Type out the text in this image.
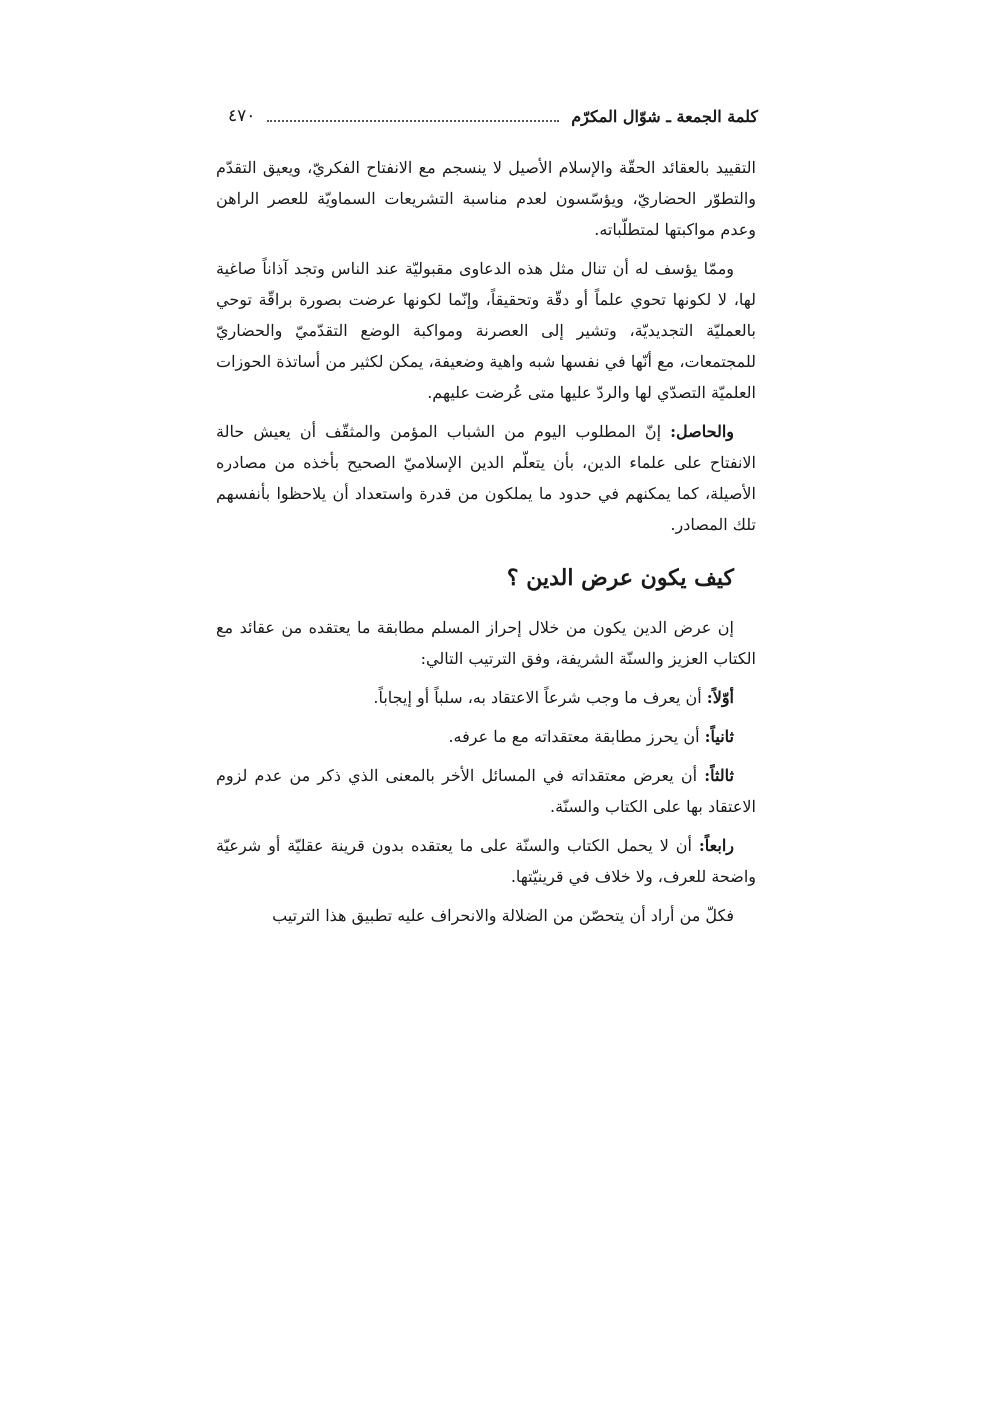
كلمة الجمعة ـ شوّال المكرّم
٤٧٠

التقييد بالعقائد الحقّة والإسلام الأصيل لا ينسجم مع الانفتاح الفكريّ، ويعيق التقدّم والتطوّر الحضاريّ، ويؤسّسون لعدم مناسبة التشريعات السماويّة للعصر الراهن وعدم مواكبتها لمتطلّباته.

وممّا يؤسف له أن تنال مثل هذه الدعاوى مقبوليّة عند الناس وتجد آذاناً صاغية لها، لا لكونها تحوي علماً أو دقّة وتحقيقاً، وإنّما لكونها عرضت بصورة براقّة توحي بالعمليّة التجديديّة، وتشير إلى العصرنة ومواكبة الوضع التقدّميّ والحضاريّ للمجتمعات، مع أنّها في نفسها شبه واهية وضعيفة، يمكن لكثير من أساتذة الحوزات العلميّة التصدّي لها والردّ عليها متى عُرضت عليهم.

والحاصل: إنّ المطلوب اليوم من الشباب المؤمن والمثقّف أن يعيش حالة الانفتاح على علماء الدين، بأن يتعلّم الدين الإسلاميّ الصحيح بأخذه من مصادره الأصيلة، كما يمكنهم في حدود ما يملكون من قدرة واستعداد أن يلاحظوا بأنفسهم تلك المصادر.

كيف يكون عرض الدين ؟

إن عرض الدين يكون من خلال إحراز المسلم مطابقة ما يعتقده من عقائد مع الكتاب العزيز والسنّة الشريفة، وفق الترتيب التالي:

أوّلاً: أن يعرف ما وجب شرعاً الاعتقاد به، سلباً أو إيجاباً.

ثانياً: أن يحرز مطابقة معتقداته مع ما عرفه.

ثالثاً: أن يعرض معتقداته في المسائل الأخر بالمعنى الذي ذكر من عدم لزوم الاعتقاد بها على الكتاب والسنّة.

رابعاً: أن لا يحمل الكتاب والسنّة على ما يعتقده بدون قرينة عقليّة أو شرعيّة واضحة للعرف، ولا خلاف في قرينيّتها.

فكلّ من أراد أن يتحصّن من الضلالة والانحراف عليه تطبيق هذا الترتيب
